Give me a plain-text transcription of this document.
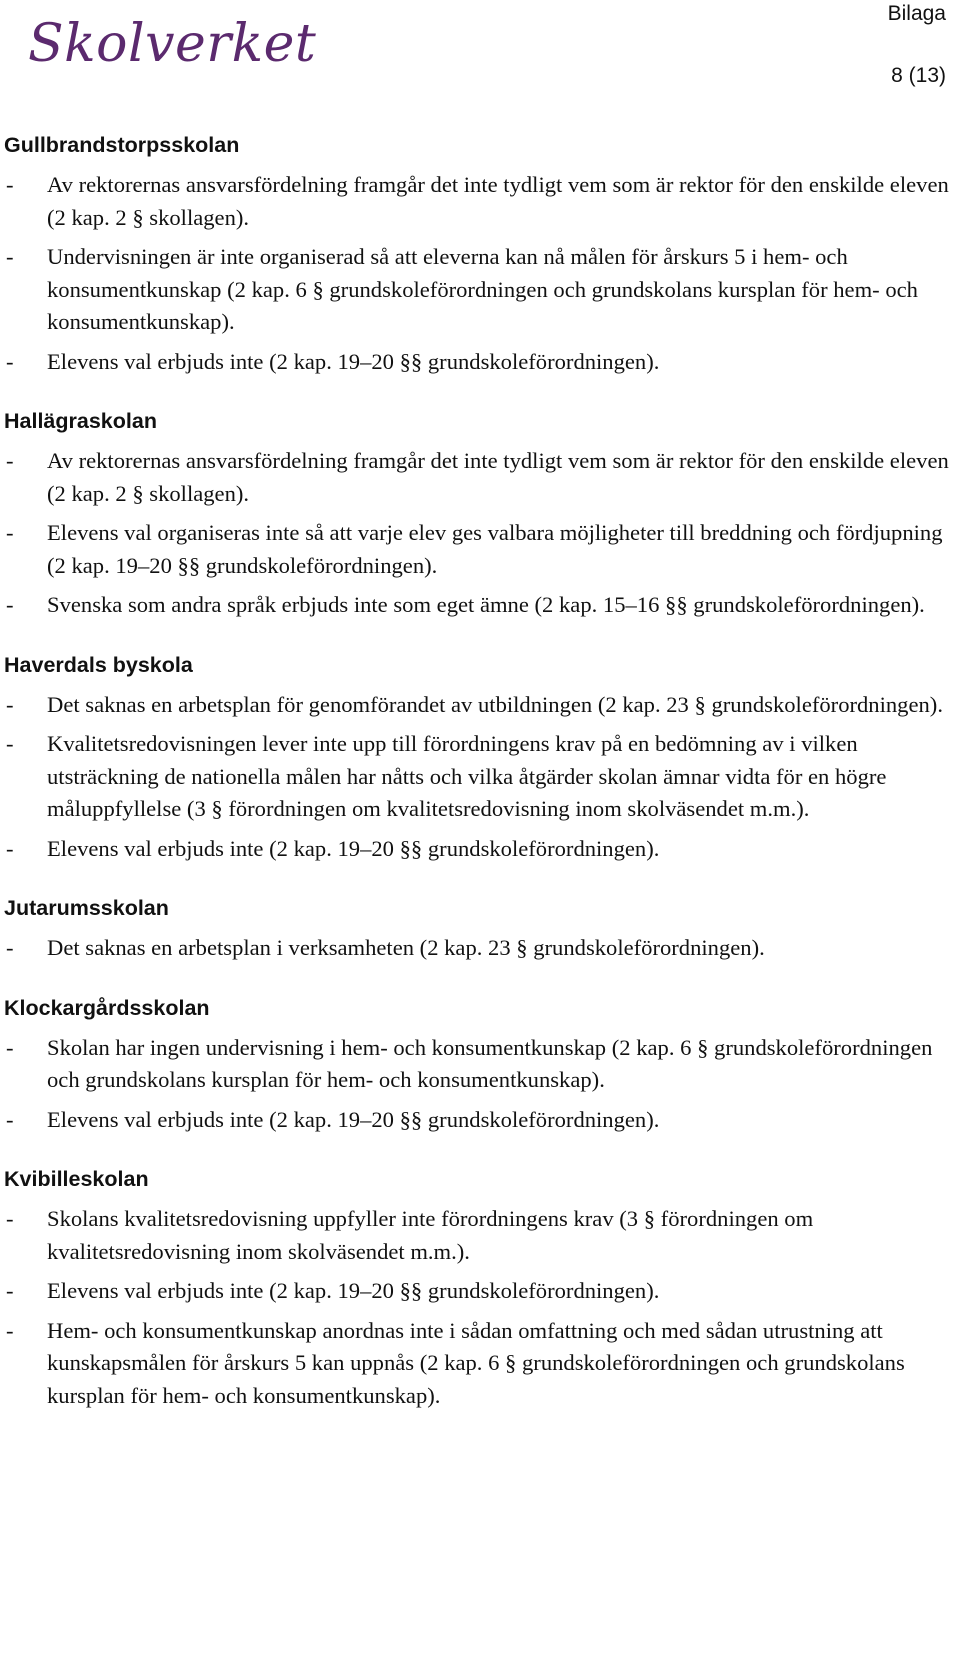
Skolverket
Bilaga
8 (13)
Gullbrandstorpsskolan
- Av rektorernas ansvarsfördelning framgår det inte tydligt vem som är rektor för den enskilde eleven (2 kap. 2 § skollagen).
- Undervisningen är inte organiserad så att eleverna kan nå målen för årskurs 5 i hem- och konsumentkunskap (2 kap. 6 § grundskoleförordningen och grundskolans kursplan för hem- och konsumentkunskap).
- Elevens val erbjuds inte (2 kap. 19–20 §§ grundskoleförordningen).
Hallägraskolan
- Av rektorernas ansvarsfördelning framgår det inte tydligt vem som är rektor för den enskilde eleven (2 kap. 2 § skollagen).
- Elevens val organiseras inte så att varje elev ges valbara möjligheter till breddning och fördjupning (2 kap. 19–20 §§ grundskoleförordningen).
- Svenska som andra språk erbjuds inte som eget ämne (2 kap. 15–16 §§ grundskoleförordningen).
Haverdals byskola
- Det saknas en arbetsplan för genomförandet av utbildningen (2 kap. 23 § grundskoleförordningen).
- Kvalitetsredovisningen lever inte upp till förordningens krav på en bedömning av i vilken utsträckning de nationella målen har nåtts och vilka åtgärder skolan ämnar vidta för en högre måluppfyllelse (3 § förordningen om kvalitetsredovisning inom skolväsendet m.m.).
- Elevens val erbjuds inte (2 kap. 19–20 §§ grundskoleförordningen).
Jutarumsskolan
- Det saknas en arbetsplan i verksamheten (2 kap. 23 § grundskoleförordningen).
Klockargårdsskolan
- Skolan har ingen undervisning i hem- och konsumentkunskap (2 kap. 6 § grundskoleförordningen och grundskolans kursplan för hem- och konsumentkunskap).
- Elevens val erbjuds inte (2 kap. 19–20 §§ grundskoleförordningen).
Kvibilleskolan
- Skolans kvalitetsredovisning uppfyller inte förordningens krav (3 § förordningen om kvalitetsredovisning inom skolväsendet m.m.).
- Elevens val erbjuds inte (2 kap. 19–20 §§ grundskoleförordningen).
- Hem- och konsumentkunskap anordnas inte i sådan omfattning och med sådan utrustning att kunskapsmålen för årskurs 5 kan uppnås (2 kap. 6 § grundskoleförordningen och grundskolans kursplan för hem- och konsumentkunskap).
